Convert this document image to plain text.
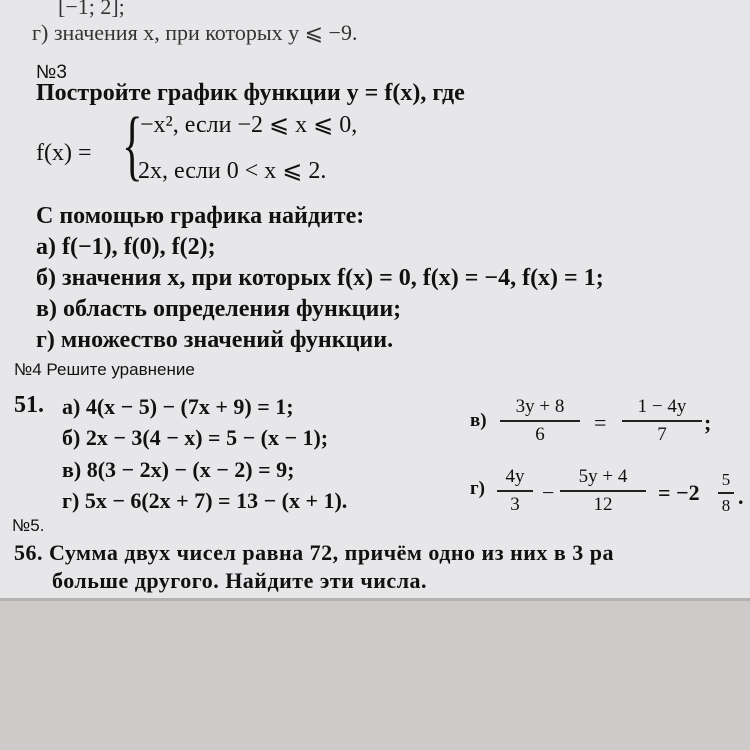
[−1; 2];
г) значения x, при которых y ⩽ −9.
№3
Постройте график функции y = f(x), где
f(x) = {
−x², если −2 ⩽ x ⩽ 0,
2x, если 0 < x ⩽ 2.
С помощью графика найдите:
а) f(−1), f(0), f(2);
б) значения x, при которых f(x) = 0, f(x) = −4, f(x) = 1;
в) область определения функции;
г) множество значений функции.
№4 Решите уравнение
51. а) 4(x − 5) − (7x + 9) = 1;
б) 2x − 3(4 − x) = 5 − (x − 1);
в) 8(3 − 2x) − (x − 2) = 9;
г) 5x − 6(2x + 7) = 13 − (x + 1).
в)
3y + 8
6	=
1 − 4y
7	;
г)
4y
3	−
5y + 4
12	= −2
5
8 .
№5.
56. Сумма двух чисел равна 72, причём одно из них в 3 ра
больше другого. Найдите эти числа.
